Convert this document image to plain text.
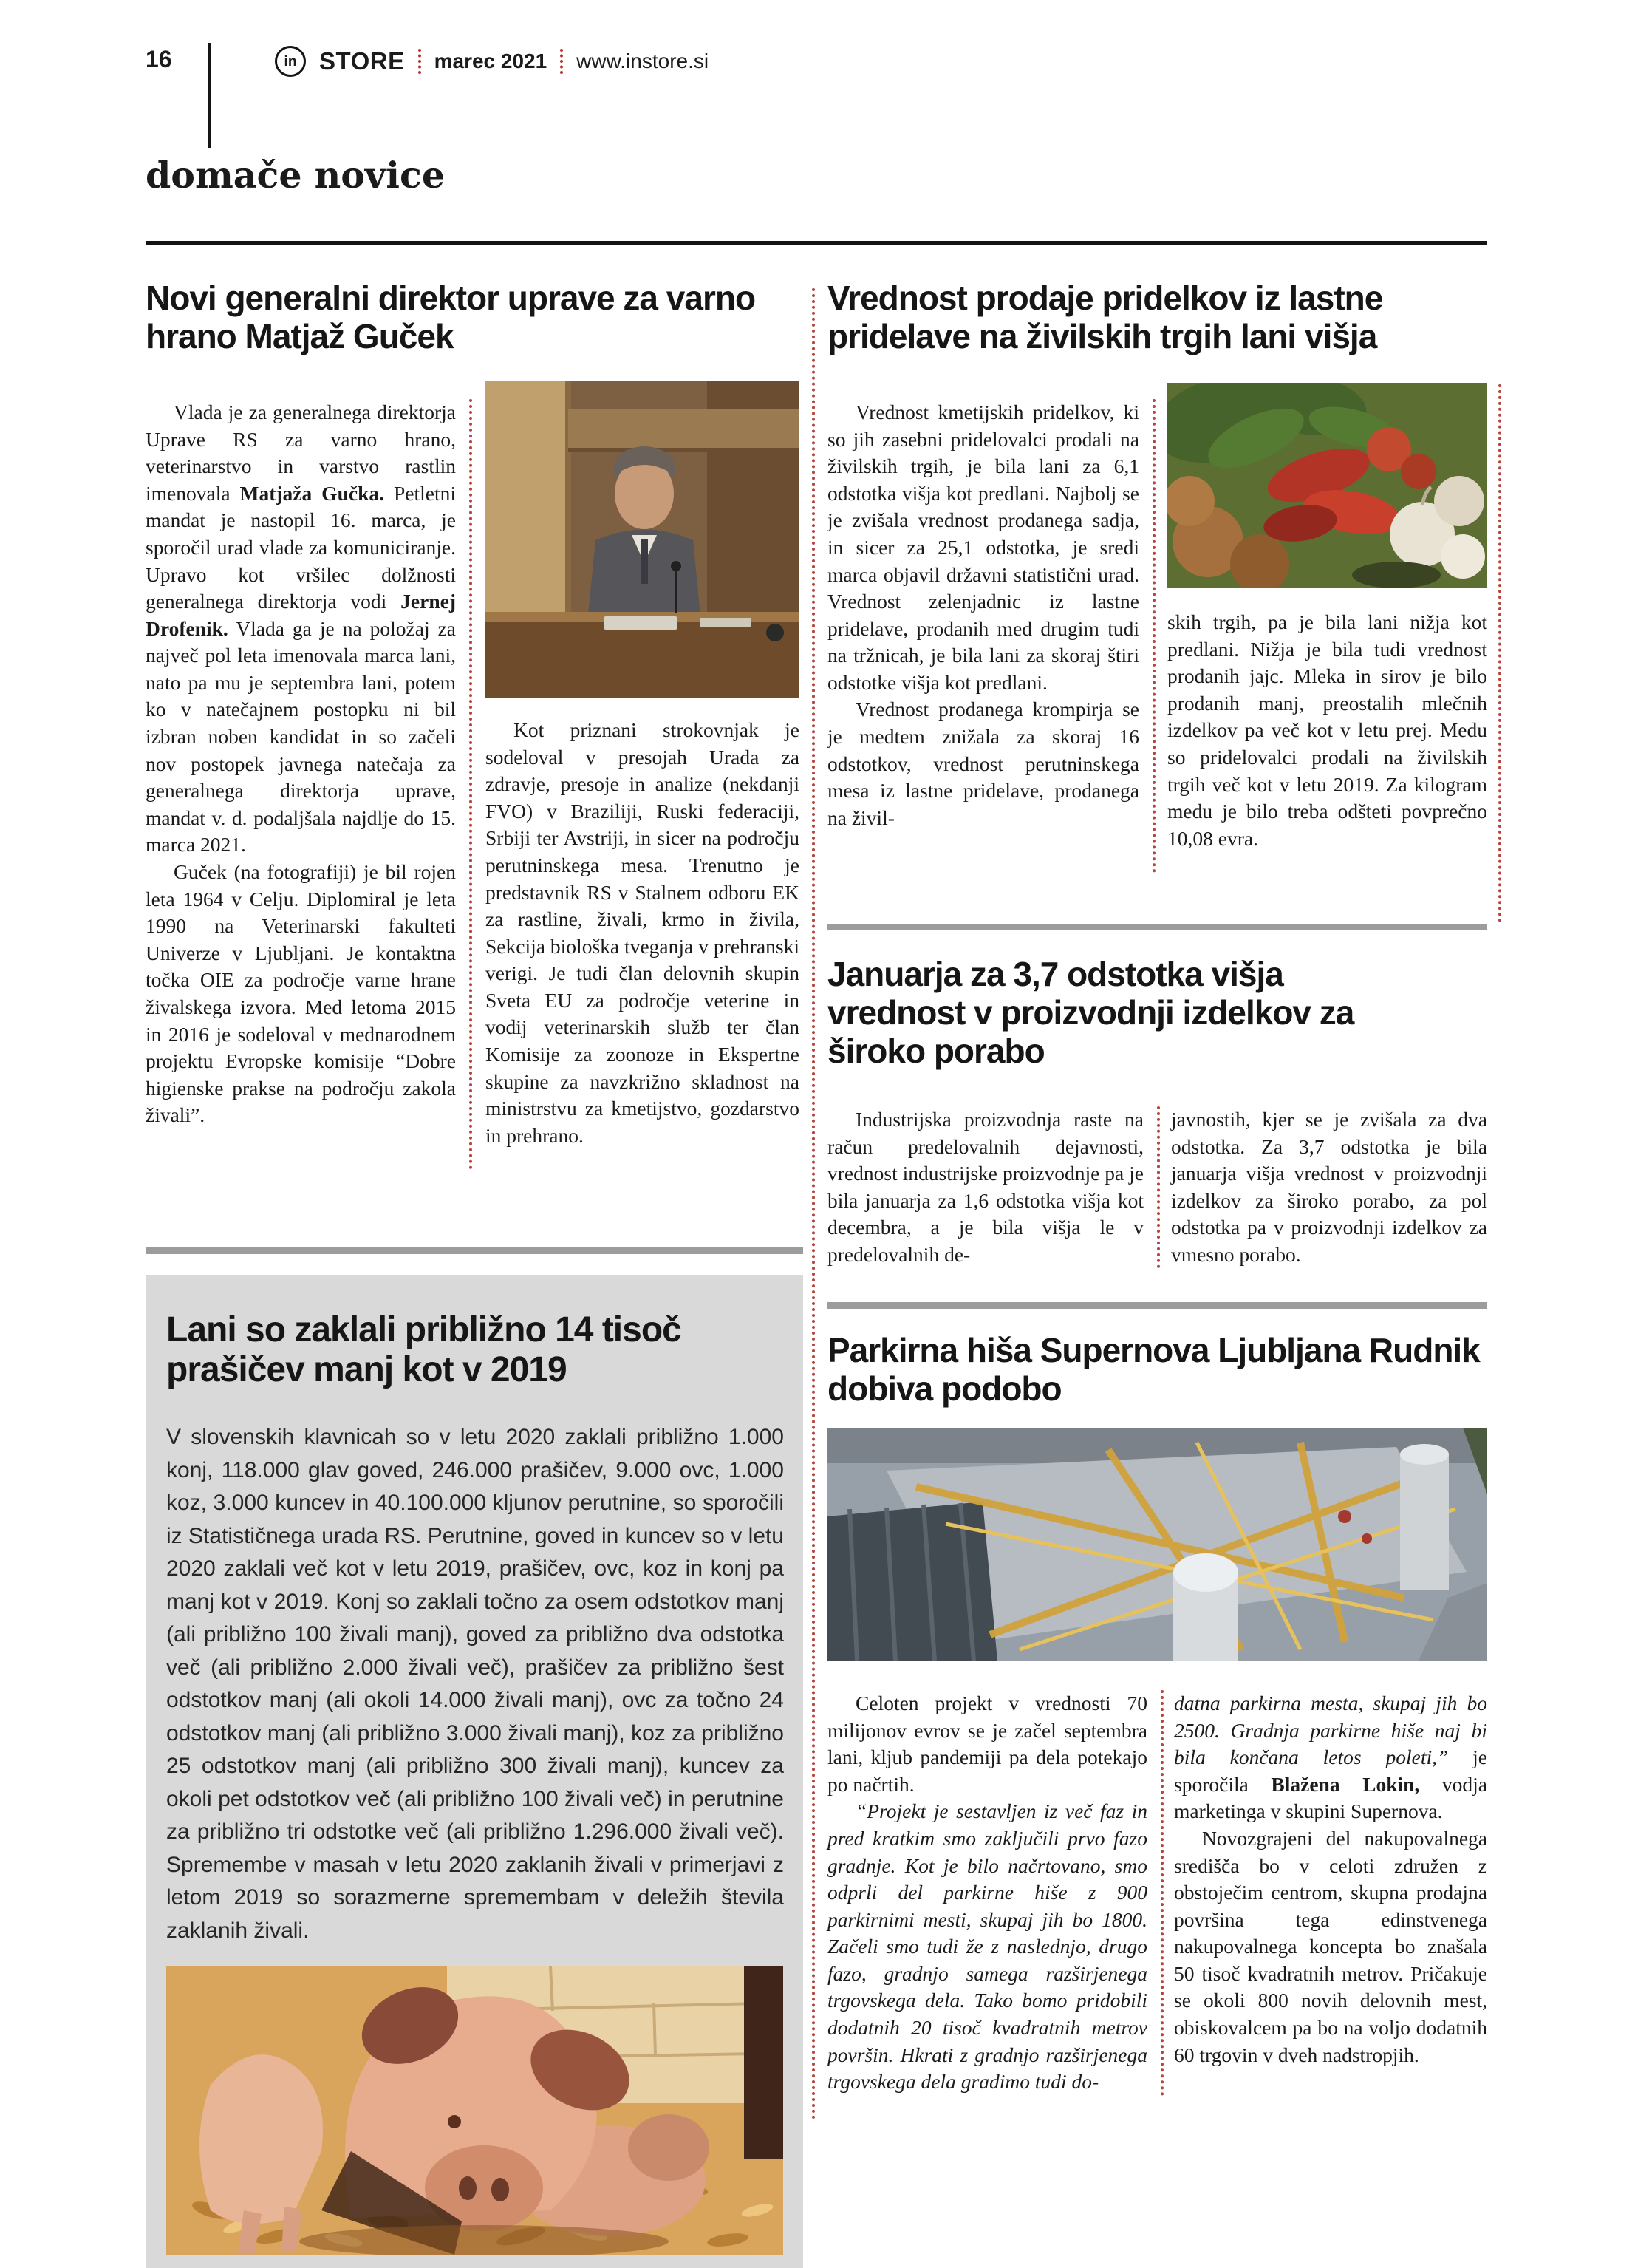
16	in STORE marec 2021 www.instore.si
domače novice
Novi generalni direktor uprave za varno hrano Matjaž Guček

Vlada je za generalnega direktorja Uprave RS za varno hrano, veterinarstvo in varstvo rastlin imenovala Matjaža Gučka. Petletni mandat je nastopil 16. marca, je sporočil urad vlade za komuniciranje. Upravo kot vršilec dolžnosti generalnega direktorja vodi Jernej Drofenik. Vlada ga je na položaj za največ pol leta imenovala marca lani, nato pa mu je septembra lani, potem ko v natečajnem postopku ni bil izbran noben kandidat in so začeli nov postopek javnega natečaja za generalnega direktorja uprave, mandat v. d. podaljšala najdlje do 15. marca 2021.

Guček (na fotografiji) je bil rojen leta 1964 v Celju. Diplomiral je leta 1990 na Veterinarski fakulteti Univerze v Ljubljani. Je kontaktna točka OIE za področje varne hrane živalskega izvora. Med letoma 2015 in 2016 je sodeloval v mednarodnem projektu Evropske komisije “Dobre higienske prakse na področju zakola živali”.

Kot priznani strokovnjak je sodeloval v presojah Urada za zdravje, presoje in analize (nekdanji FVO) v Braziliji, Ruski federaciji, Srbiji ter Avstriji, in sicer na področju perutninskega mesa. Trenutno je predstavnik RS v Stalnem odboru EK za rastline, živali, krmo in živila, Sekcija biološka tveganja v prehranski verigi. Je tudi član delovnih skupin Sveta EU za področje veterine in vodij veterinarskih služb ter član Komisije za zoonoze in Ekspertne skupine za navzkrižno skladnost na ministrstvu za kmetijstvo, gozdarstvo in prehrano.

Lani so zaklali približno 14 tisoč prašičev manj kot v 2019
V slovenskih klavnicah so v letu 2020 zaklali približno 1.000 konj, 118.000 glav goved, 246.000 prašičev, 9.000 ovc, 1.000 koz, 3.000 kuncev in 40.100.000 kljunov perutnine, so sporočili iz Statističnega urada RS. Perutnine, goved in kuncev so v letu 2020 zaklali več kot v letu 2019, prašičev, ovc, koz in konj pa manj kot v 2019. Konj so zaklali točno za osem odstotkov manj (ali približno 100 živali manj), goved za približno dva odstotka več (ali približno 2.000 živali več), prašičev za približno šest odstotkov manj (ali okoli 14.000 živali manj), ovc za točno 24 odstotkov manj (ali približno 3.000 živali manj), koz za približno 25 odstotkov manj (ali približno 300 živali manj), kuncev za okoli pet odstotkov več (ali približno 100 živali več) in perutnine za približno tri odstotke več (ali približno 1.296.000 živali več). Spremembe v masah v letu 2020 zaklanih živali v primerjavi z letom 2019 so sorazmerne spremembam v deležih števila zaklanih živali.
Vrednost prodaje pridelkov iz lastne pridelave na živilskih trgih lani višja

Vrednost kmetijskih pridelkov, ki so jih zasebni pridelovalci prodali na živilskih trgih, je bila lani za 6,1 odstotka višja kot predlani. Najbolj se je zvišala vrednost prodanega sadja, in sicer za 25,1 odstotka, je sredi marca objavil državni statistični urad. Vrednost zelenjadnic iz lastne pridelave, prodanih med drugim tudi na tržnicah, je bila lani za skoraj štiri odstotke višja kot predlani.

Vrednost prodanega krompirja se je medtem znižala za skoraj 16 odstotkov, vrednost perutninskega mesa iz lastne pridelave, prodanega na živil-

skih trgih, pa je bila lani nižja kot predlani. Nižja je bila tudi vrednost prodanih jajc. Mleka in sirov je bilo prodanih manj, preostalih mlečnih izdelkov pa več kot v letu prej. Medu so pridelovalci prodali na živilskih trgih več kot v letu 2019. Za kilogram medu je bilo treba odšteti povprečno 10,08 evra.

Januarja za 3,7 odstotka višja vrednost v proizvodnji izdelkov za široko porabo

Industrijska proizvodnja raste na račun predelovalnih dejavnosti, vrednost industrijske proizvodnje pa je bila januarja za 1,6 odstotka višja kot decembra, a je bila višja le v predelovalnih de-

javnostih, kjer se je zvišala za dva odstotka. Za 3,7 odstotka je bila januarja višja vrednost v proizvodnji izdelkov za široko porabo, za pol odstotka pa v proizvodnji izdelkov za vmesno porabo.

Parkirna hiša Supernova Ljubljana Rudnik dobiva podobo

Celoten projekt v vrednosti 70 milijonov evrov se je začel septembra lani, kljub pandemiji pa dela potekajo po načrtih.

“Projekt je sestavljen iz več faz in pred kratkim smo zaključili prvo fazo gradnje. Kot je bilo načrtovano, smo odprli del parkirne hiše z 900 parkirnimi mesti, skupaj jih bo 1800. Začeli smo tudi že z naslednjo, drugo fazo, gradnjo samega razširjenega trgovskega dela. Tako bomo pridobili dodatnih 20 tisoč kvadratnih metrov površin. Hkrati z gradnjo razširjenega trgovskega dela gradimo tudi do-

datna parkirna mesta, skupaj jih bo 2500. Gradnja parkirne hiše naj bi bila končana letos poleti,” je sporočila Blažena Lokin, vodja marketinga v skupini Supernova.

Novozgrajeni del nakupovalnega središča bo v celoti združen z obstoječim centrom, skupna prodajna površina tega edinstvenega nakupovalnega koncepta bo znašala 50 tisoč kvadratnih metrov. Pričakuje se okoli 800 novih delovnih mest, obiskovalcem pa bo na voljo dodatnih 60 trgovin v dveh nadstropjih.
